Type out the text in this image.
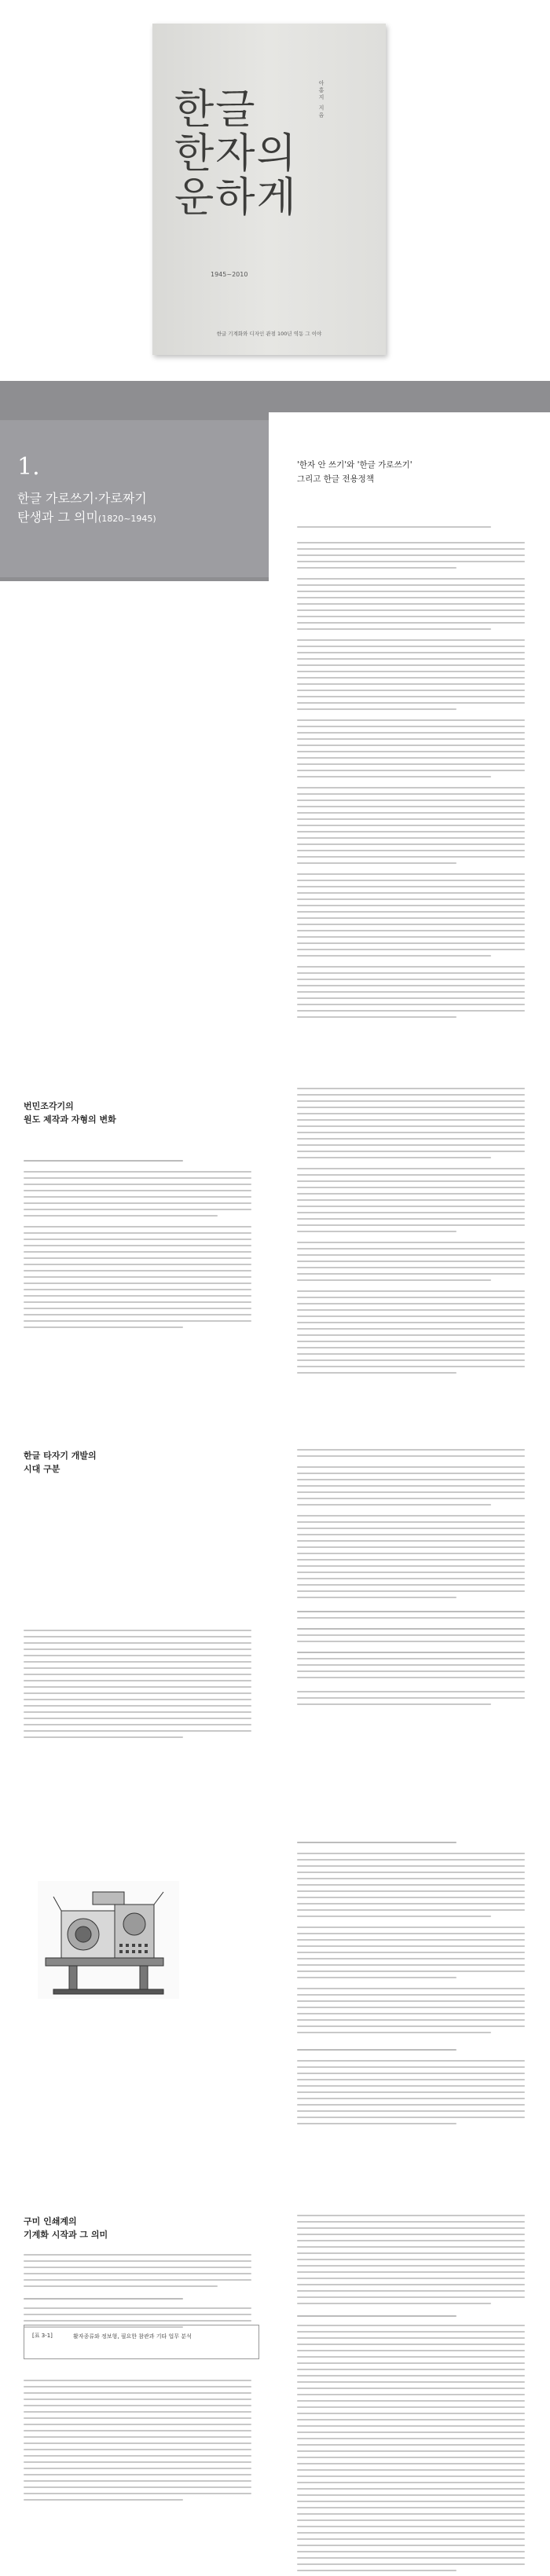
한글
한자의
운하게
아홍지 지음
1945~2010
한글 기계화와 디자인 관점 100년 역동 그 이야
1.
한글 가로쓰기·가로짜기
탄생과 그 의미(1820~1945)
'한자 안 쓰기'와 '한글 가로쓰기'
그리고 한글 전용정책
번민조각기의
원도 제작과 자형의 변화
한글 타자기 개발의
시대 구분
구미 인쇄계의
기계화 시작과 그 의미
[표 3-1]	활자종류와 정보형, 필요한 참관과 기타 업무 분석
